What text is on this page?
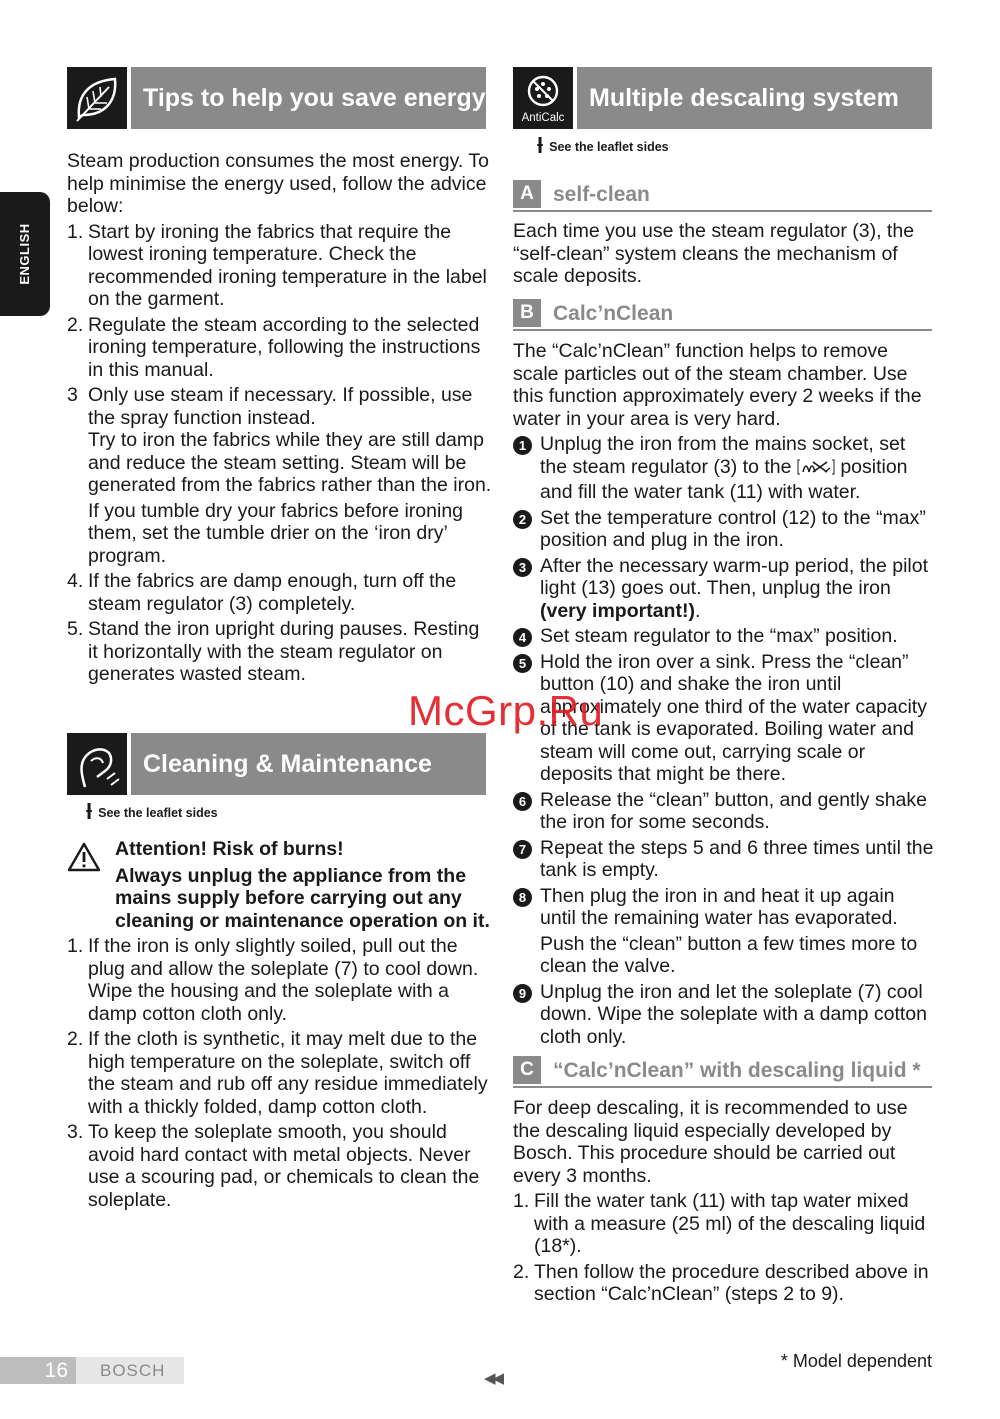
ENGLISH
Tips to help you save energy

Steam production consumes the most energy. To help minimise the energy used, follow the advice below:

1. Start by ironing the fabrics that require the lowest ironing temperature. Check the recommended ironing temperature in the label on the garment.
2. Regulate the steam according to the selected ironing temperature, following the instructions in this manual.
3 Only use steam if necessary. If possible, use the spray function instead.
Try to iron the fabrics while they are still damp and reduce the steam setting. Steam will be generated from the fabrics rather than the iron.
If you tumble dry your fabrics before ironing them, set the tumble drier on the ‘iron dry’ program.
4. If the fabrics are damp enough, turn off the steam regulator (3) completely.
5. Stand the iron upright during pauses. Resting it horizontally with the steam regulator on generates wasted steam.
Cleaning & Maintenance
ƚ See the leaflet sides

Attention! Risk of burns!

Always unplug the appliance from the mains supply before carrying out any cleaning or maintenance operation on it.

1. If the iron is only slightly soiled, pull out the plug and allow the soleplate (7) to cool down. Wipe the housing and the soleplate with a damp cotton cloth only.
2. If the cloth is synthetic, it may melt due to the high temperature on the soleplate, switch off the steam and rub off any residue immediately with a thickly folded, damp cotton cloth.
3. To keep the soleplate smooth, you should avoid hard contact with metal objects. Never use a scouring pad, or chemicals to clean the soleplate.
AntiCalc
Multiple descaling system
ƚ See the leaflet sides
A self-clean

Each time you use the steam regulator (3), the “self-clean” system cleans the mechanism of scale deposits.

B Calc’nClean

The “Calc’nClean” function helps to remove scale particles out of the steam chamber. Use this function approximately every 2 weeks if the water in your area is very hard.

1 Unplug the iron from the mains socket, set the steam regulator (3) to the	position and fill the water tank (11) with water.
2 Set the temperature control (12) to the “max” position and plug in the iron.
3 After the necessary warm-up period, the pilot light (13) goes out. Then, unplug the iron (very important!).
4 Set steam regulator to the “max” position.
5 Hold the iron over a sink. Press the “clean” button (10) and shake the iron until approximately one third of the water capacity of the tank is evaporated. Boiling water and steam will come out, carrying scale or deposits that might be there.
6 Release the “clean” button, and gently shake the iron for some seconds.
7 Repeat the steps 5 and 6 three times until the tank is empty.
8 Then plug the iron in and heat it up again until the remaining water has evaporated.
Push the “clean” button a few times more to clean the valve.
9 Unplug the iron and let the soleplate (7) cool down. Wipe the soleplate with a damp cotton cloth only.
C “Calc’nClean” with descaling liquid *

For deep descaling, it is recommended to use the descaling liquid especially developed by Bosch. This procedure should be carried out every 3 months.

1. Fill the water tank (11) with tap water mixed with a measure (25 ml) of the descaling liquid (18*).
2. Then follow the procedure described above in section “Calc’nClean” (steps 2 to 9).
* Model dependent
McGrp.Ru
16	BOSCH	◀◀
